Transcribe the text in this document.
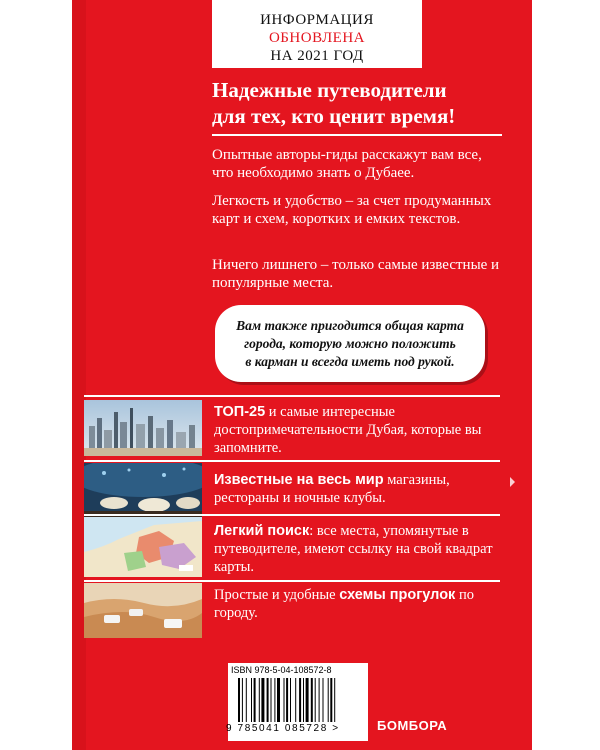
ИНФОРМАЦИЯ
ОБНОВЛЕНА
НА 2021 ГОД
Надежные путеводители
для тех, кто ценит время!
Опытные авторы-гиды расскажут вам все, что необходимо знать о Дубаее.
Легкость и удобство – за счет продуманных карт и схем, коротких и емких текстов.
Ничего лишнего – только самые известные и популярные места.
Вам также пригодится общая карта
города, которую можно положить
в карман и всегда иметь под рукой.
ТОП-25 и самые интересные достопримечательности Дубая, которые вы запомните.
Известные на весь мир магазины, рестораны и ночные клубы.
Легкий поиск: все места, упомянутые в путеводителе, имеют ссылку на свой квадрат карты.
Простые и удобные схемы прогулок по городу.
ISBN 978-5-04-108572-8
9 785041 085728 >	БОМБОРА
